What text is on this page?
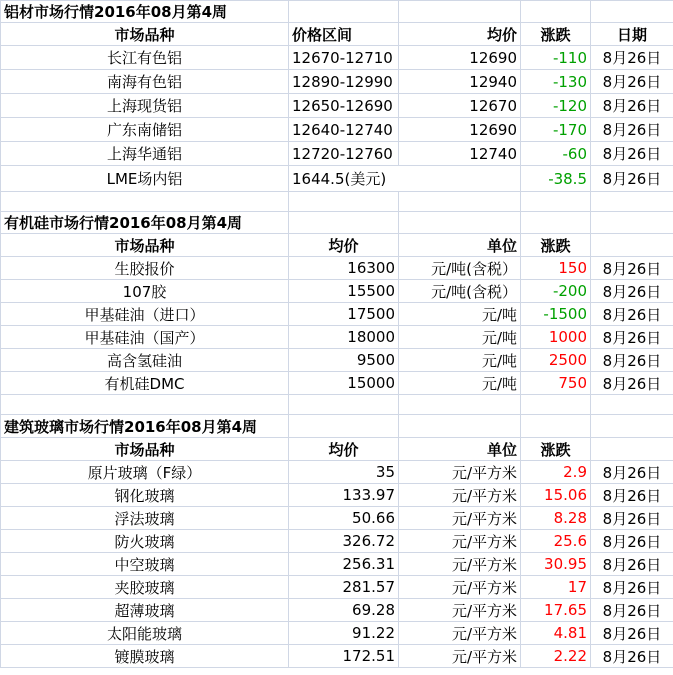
铝材市场行情2016年08月第4周				
市场品种	价格区间	均价	涨跌	日期
长江有色铝	12670-12710	12690	-110	8月26日
南海有色铝	12890-12990	12940	-130	8月26日
上海现货铝	12650-12690	12670	-120	8月26日
广东南储铝	12640-12740	12690	-170	8月26日
上海华通铝	12720-12760	12740	-60	8月26日
LME场内铝	1644.5(美元)		-38.5	8月26日

有机硅市场行情2016年08月第4周				
市场品种	均价	单位	涨跌	
生胶报价	16300	元/吨(含税）	150	8月26日
107胶	15500	元/吨(含税）	-200	8月26日
甲基硅油（进口）	17500	元/吨	-1500	8月26日
甲基硅油（国产）	18000	元/吨	1000	8月26日
高含氢硅油	9500	元/吨	2500	8月26日
有机硅DMC	15000	元/吨	750	8月26日

建筑玻璃市场行情2016年08月第4周				
市场品种	均价	单位	涨跌	
原片玻璃（F绿）	35	元/平方米	2.9	8月26日
钢化玻璃	133.97	元/平方米	15.06	8月26日
浮法玻璃	50.66	元/平方米	8.28	8月26日
防火玻璃	326.72	元/平方米	25.6	8月26日
中空玻璃	256.31	元/平方米	30.95	8月26日
夹胶玻璃	281.57	元/平方米	17	8月26日
超薄玻璃	69.28	元/平方米	17.65	8月26日
太阳能玻璃	91.22	元/平方米	4.81	8月26日
镀膜玻璃	172.51	元/平方米	2.22	8月26日
